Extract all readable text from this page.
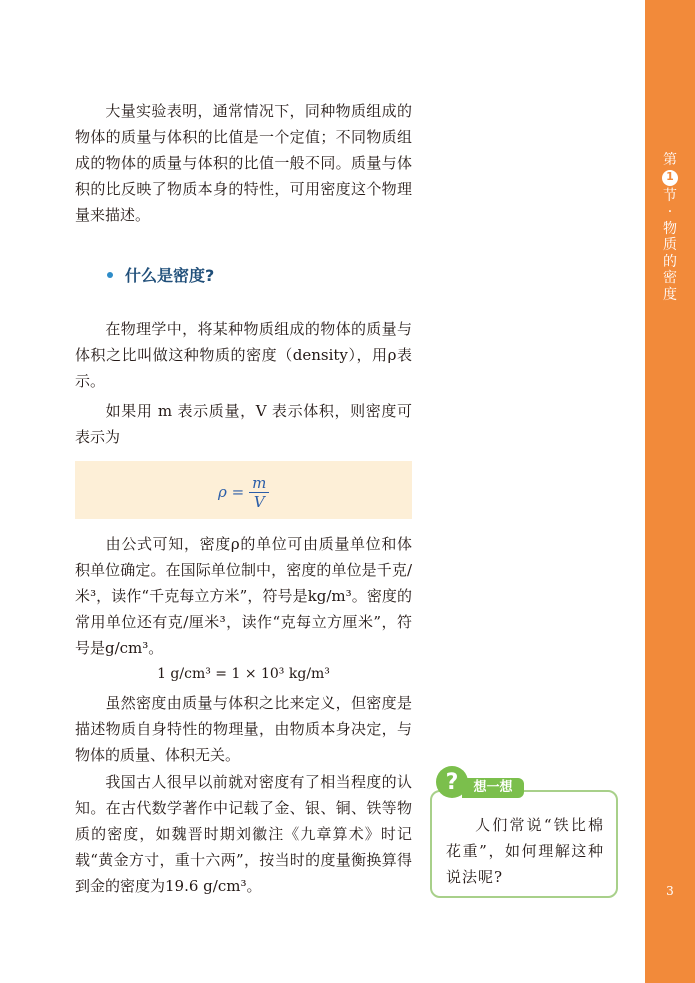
第
1
节
·
物
质
的
密
度
3

大量实验表明，通常情况下，同种物质组成的物体的质量与体积的比值是一个定值；不同物质组成的物体的质量与体积的比值一般不同。质量与体积的比反映了物质本身的特性，可用密度这个物理量来描述。

什么是密度?

在物理学中，将某种物质组成的物体的质量与体积之比叫做这种物质的密度（density），用ρ表示。

如果用 m 表示质量，V 表示体积，则密度可表示为

$\rho = \frac{m}{V}$

由公式可知，密度ρ的单位可由质量单位和体积单位确定。在国际单位制中，密度的单位是千克/米³，读作“千克每立方米”，符号是kg/m³。密度的常用单位还有克/厘米³，读作“克每立方厘米”，符号是g/cm³。

1 g/cm³ = 1 × 10³ kg/m³

虽然密度由质量与体积之比来定义，但密度是描述物质自身特性的物理量，由物质本身决定，与物体的质量、体积无关。

我国古人很早以前就对密度有了相当程度的认知。在古代数学著作中记载了金、银、铜、铁等物质的密度，如魏晋时期刘徽注《九章算术》时记载“黄金方寸，重十六两”，按当时的度量衡换算得到金的密度为19.6 g/cm³。

想一想
?

人们常说“铁比棉花重”，如何理解这种说法呢?
